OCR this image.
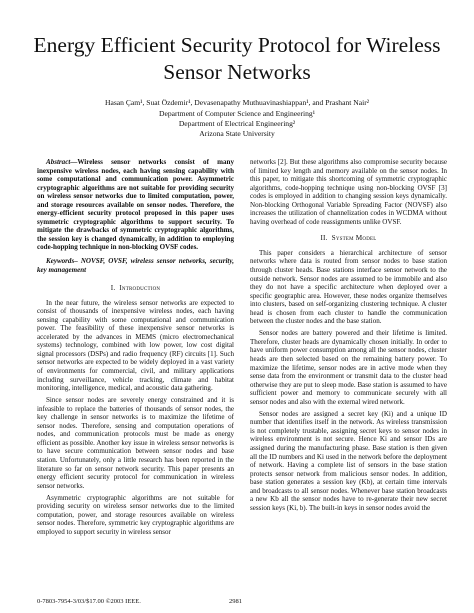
Energy Efficient Security Protocol for Wireless Sensor Networks
Hasan Çam¹, Suat Özdemir¹, Devasenapathy Muthuavinashiappan¹, and Prashant Nair²
Department of Computer Science and Engineering¹
Department of Electrical Engineering²
Arizona State University

Abstract—Wireless sensor networks consist of many inexpensive wireless nodes, each having sensing capability with some computational and communication power. Asymmetric cryptographic algorithms are not suitable for providing security on wireless sensor networks due to limited computation, power, and storage resources available on sensor nodes. Therefore, the energy-efficient security protocol proposed in this paper uses symmetric cryptographic algorithms to support security. To mitigate the drawbacks of symmetric cryptographic algorithms, the session key is changed dynamically, in addition to employing code-hopping technique in non-blocking OVSF codes.

Keywords– NOVSF, OVSF, wireless sensor networks, security, key management

I. Introduction

In the near future, the wireless sensor networks are expected to consist of thousands of inexpensive wireless nodes, each having sensing capability with some computational and communication power. The feasibility of these inexpensive sensor networks is accelerated by the advances in MEMS (micro electromechanical systems) technology, combined with low power, low cost digital signal processors (DSPs) and radio frequency (RF) circuits [1]. Such sensor networks are expected to be widely deployed in a vast variety of environments for commercial, civil, and military applications including surveillance, vehicle tracking, climate and habitat monitoring, intelligence, medical, and acoustic data gathering.

Since sensor nodes are severely energy constrained and it is infeasible to replace the batteries of thousands of sensor nodes, the key challenge in sensor networks is to maximize the lifetime of sensor nodes. Therefore, sensing and computation operations of nodes, and communication protocols must be made as energy efficient as possible. Another key issue in wireless sensor networks is to have secure communication between sensor nodes and base station. Unfortunately, only a little research has been reported in the literature so far on sensor network security. This paper presents an energy efficient security protocol for communication in wireless sensor networks.

Asymmetric cryptographic algorithms are not suitable for providing security on wireless sensor networks due to the limited computation, power, and storage resources available on wireless sensor nodes. Therefore, symmetric key cryptographic algorithms are employed to support security in wireless sensor

networks [2]. But these algorithms also compromise security because of limited key length and memory available on the sensor nodes. In this paper, to mitigate this shortcoming of symmetric cryptographic algorithms, code-hopping technique using non-blocking OVSF [3] codes is employed in addition to changing session keys dynamically. Non-blocking Orthogonal Variable Spreading Factor (NOVSF) also increases the utilization of channelization codes in WCDMA without having overhead of code reassignments unlike OVSF.

II. System Model

This paper considers a hierarchical architecture of sensor networks where data is routed from sensor nodes to base station through cluster heads. Base stations interface sensor network to the outside network. Sensor nodes are assumed to be immobile and also they do not have a specific architecture when deployed over a specific geographic area. However, these nodes organize themselves into clusters, based on self-organizing clustering technique. A cluster head is chosen from each cluster to handle the communication between the cluster nodes and the base station.

Sensor nodes are battery powered and their lifetime is limited. Therefore, cluster heads are dynamically chosen initially. In order to have uniform power consumption among all the sensor nodes, cluster heads are then selected based on the remaining battery power. To maximize the lifetime, sensor nodes are in active mode when they sense data from the environment or transmit data to the cluster head otherwise they are put to sleep mode. Base station is assumed to have sufficient power and memory to communicate securely with all sensor nodes and also with the external wired network.

Sensor nodes are assigned a secret key (Ki) and a unique ID number that identifies itself in the network. As wireless transmission is not completely trustable, assigning secret keys to sensor nodes in wireless environment is not secure. Hence Ki and sensor IDs are assigned during the manufacturing phase. Base station is then given all the ID numbers and Ki used in the network before the deployment of network. Having a complete list of sensors in the base station protects sensor network from malicious sensor nodes. In addition, base station generates a session key (Kb), at certain time intervals and broadcasts to all sensor nodes. Whenever base station broadcasts a new Kb all the sensor nodes have to re-generate their new secret session keys (Ki, b). The built-in keys in sensor nodes avoid the

0-7803-7954-3/03/$17.00 ©2003 IEEE.	2981
